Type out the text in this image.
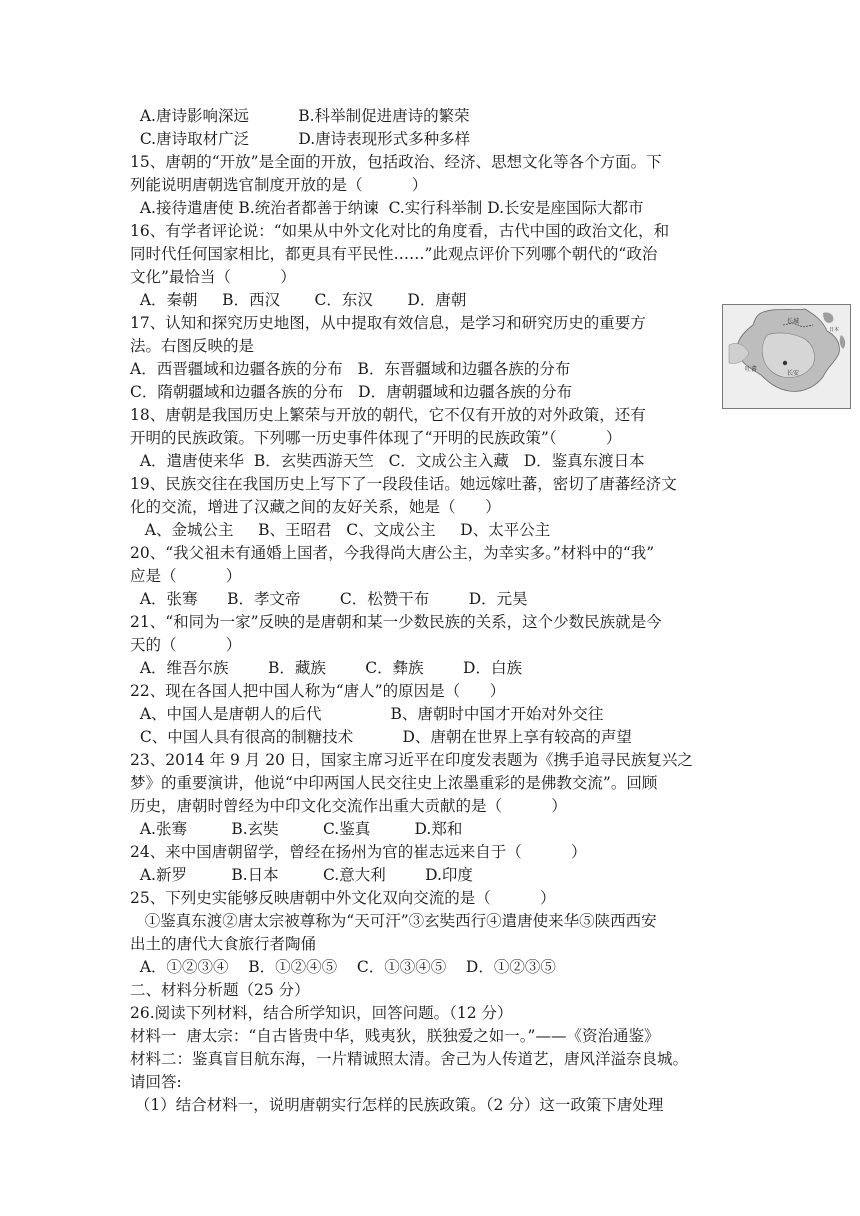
A.唐诗影响深远          B.科举制促进唐诗的繁荣
C.唐诗取材广泛          D.唐诗表现形式多种多样
15、唐朝的“开放”是全面的开放，包括政治、经济、思想文化等各个方面。下
列能说明唐朝选官制度开放的是（          ）
A.接待遣唐使 B.统治者都善于纳谏  C.实行科举制 D.长安是座国际大都市
16、有学者评论说：“如果从中外文化对比的角度看，古代中国的政治文化，和
同时代任何国家相比，都更具有平民性……”此观点评价下列哪个朝代的“政治
文化”最恰当（          ）
A．秦朝     B．西汉       C．东汉       D．唐朝
17、认知和探究历史地图，从中提取有效信息，是学习和研究历史的重要方
法。右图反映的是
A．西晋疆域和边疆各族的分布   B．东晋疆域和边疆各族的分布
C．隋朝疆域和边疆各族的分布   D．唐朝疆域和边疆各族的分布
18、唐朝是我国历史上繁荣与开放的朝代，它不仅有开放的对外政策，还有
开明的民族政策。下列哪一历史事件体现了“开明的民族政策”（          ）
A．遣唐使来华  B．玄奘西游天竺   C．文成公主入藏   D．鉴真东渡日本
19、民族交往在我国历史上写下了一段段佳话。她远嫁吐蕃，密切了唐蕃经济文
化的交流，增进了汉藏之间的友好关系，她是（      ）
A、金城公主     B、王昭君   C、文成公主     D、太平公主
20、“我父祖未有通婚上国者，今我得尚大唐公主，为幸实多。”材料中的“我”
应是（          ）
A．张骞      B．孝文帝        C．松赞干布        D．元昊
21、“和同为一家”反映的是唐朝和某一少数民族的关系，这个少数民族就是今
天的（          ）
A．维吾尔族        B．藏族        C．彝族        D．白族
22、现在各国人把中国人称为“唐人”的原因是（      ）
A、中国人是唐朝人的后代              B、唐朝时中国才开始对外交往
C、中国人具有很高的制糖技术          D、唐朝在世界上享有较高的声望
23、2014 年 9 月 20 日，国家主席习近平在印度发表题为《携手追寻民族复兴之
梦》的重要演讲，他说“中印两国人民交往史上浓墨重彩的是佛教交流”。回顾
历史，唐朝时曾经为中印文化交流作出重大贡献的是（          ）
A.张骞         B.玄奘         C.鉴真         D.郑和
24、来中国唐朝留学，曾经在扬州为官的崔志远来自于（          ）
A.新罗         B.日本         C.意大利        D.印度
25、下列史实能够反映唐朝中外文化双向交流的是（          ）
①鉴真东渡②唐太宗被尊称为“天可汗”③玄奘西行④遣唐使来华⑤陕西西安
出土的唐代大食旅行者陶俑
A．①②③④    B．①②④⑤    C．①③④⑤    D．①②③⑤
二、材料分析题（25 分）
26.阅读下列材料，结合所学知识，回答问题。（12 分）
材料一  唐太宗：“自古皆贵中华，贱夷狄，朕独爱之如一。”——《资治通鉴》
材料二：鉴真盲目航东海，一片精诚照太清。舍己为人传道艺，唐风洋溢奈良城。
请回答:
（1）结合材料一，说明唐朝实行怎样的民族政策。（2 分）这一政策下唐处理
长城
吐蕃
长安
日本
